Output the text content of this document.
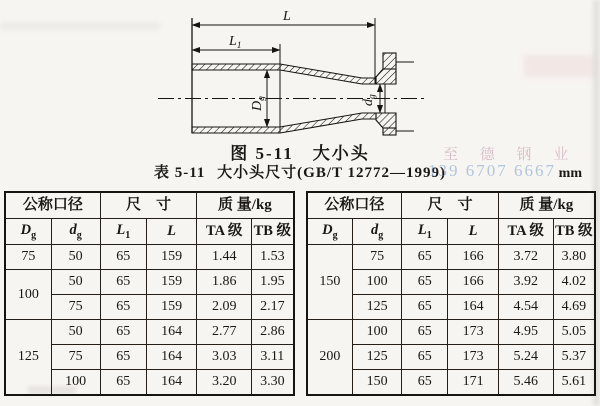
L
$L_1$
$D_g$
dg
图 5-11　大小头
表 5-11 大小头尺寸(GB/T 12772—1999)	mm
至 德 钢 业
139 6707 6667
公称口径		尺　寸		质 量/kg	
$D_g$	$d_g$	$L_1$	L	TA 级	TB 级
75	50	65	159	1.44	1.53
100	50	65	159	1.86	1.95
	75	65	159	2.09	2.17
125	50	65	164	2.77	2.86
	75	65	164	3.03	3.11
	100	65	164	3.20	3.30
公称口径		尺　寸		质 量/kg	
$D_g$	$d_g$	$L_1$	L	TA 级	TB 级
150	75	65	166	3.72	3.80
	100	65	166	3.92	4.02
	125	65	164	4.54	4.69
200	100	65	173	4.95	5.05
	125	65	173	5.24	5.37
	150	65	171	5.46	5.61
